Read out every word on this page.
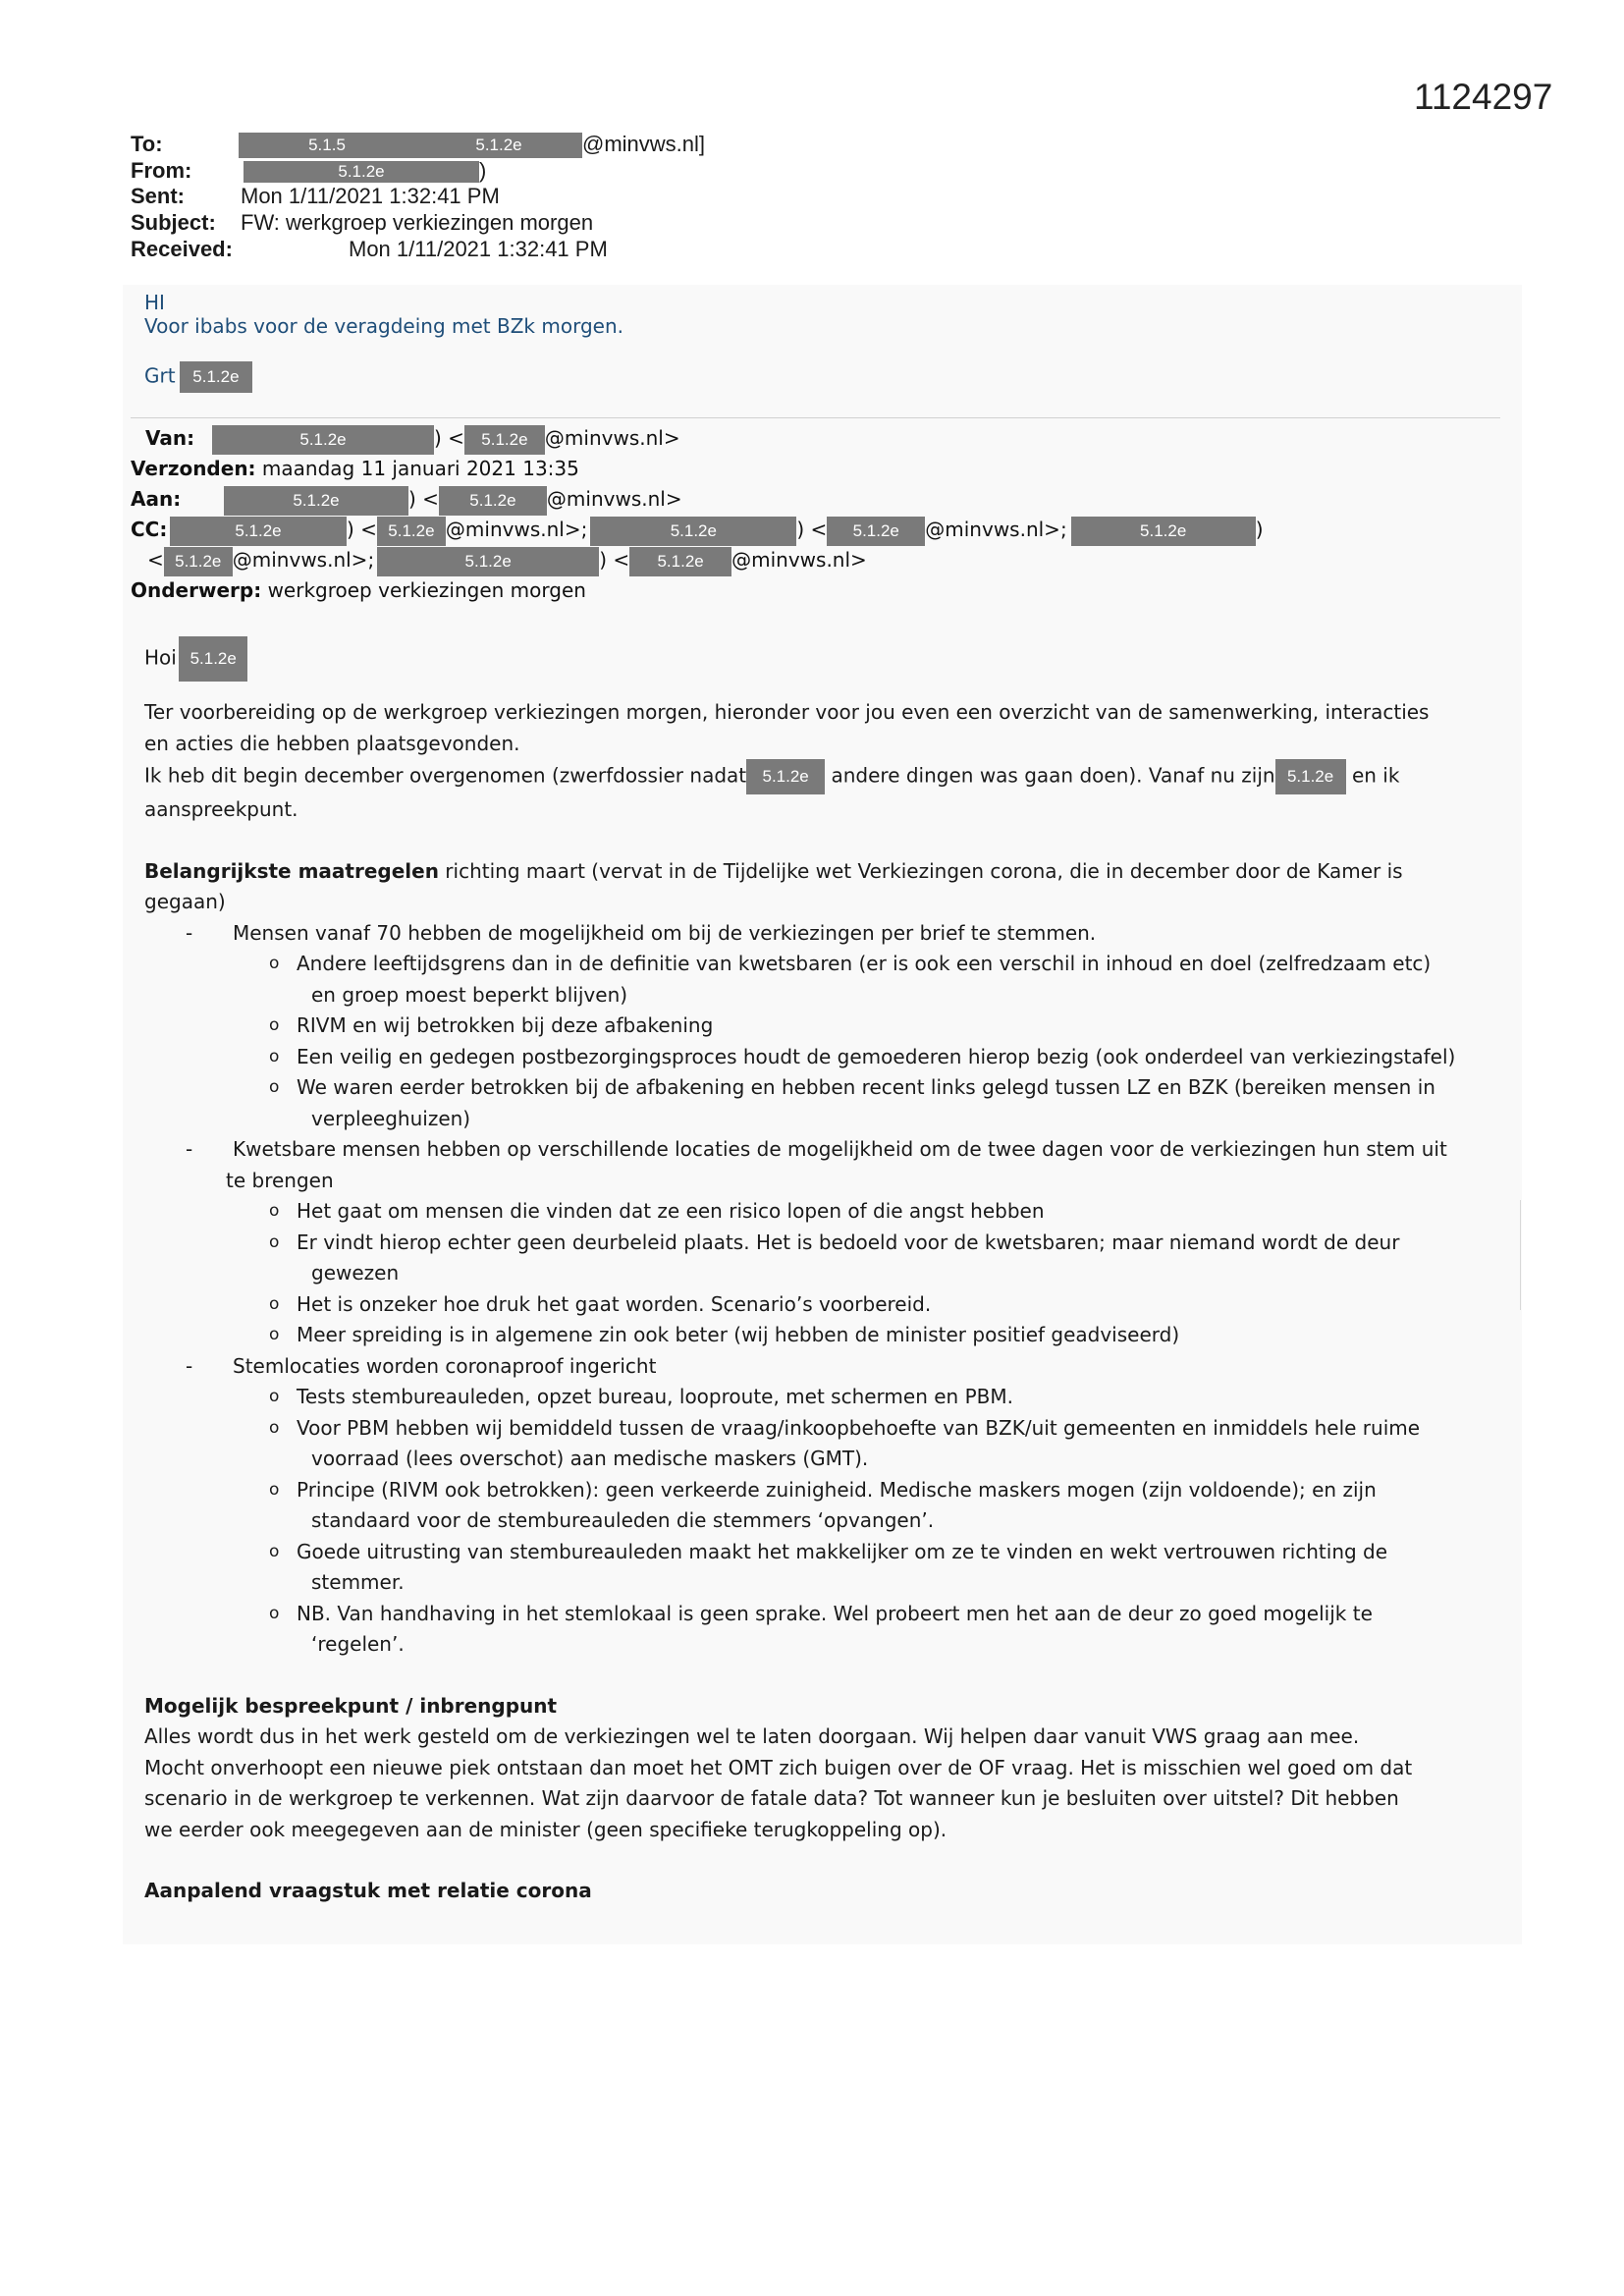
1124297
To:	5.1.5	5.1.2e	@minvws.nl]
From:	5.1.2e	)
Sent:	Mon 1/11/2021 1:32:41 PM
Subject: FW: werkgroep verkiezingen morgen
Received:	Mon 1/11/2021 1:32:41 PM
HI
Voor ibabs voor de veragdeing met BZk morgen.
Grt 5.1.2e
Van:	5.1.2e	) < 5.1.2e @minvws.nl>
Verzonden: maandag 11 januari 2021 13:35
Aan:	5.1.2e	) < 5.1.2e @minvws.nl>
CC:	5.1.2e	) < 5.1.2e @minvws.nl>;	5.1.2e	) < 5.1.2e @minvws.nl>;	5.1.2e	)
< 5.1.2e @minvws.nl>;	5.1.2e	) < 5.1.2e @minvws.nl>
Onderwerp: werkgroep verkiezingen morgen
Hoi 5.1.2e

Ter voorbereiding op de werkgroep verkiezingen morgen, hieronder voor jou even een overzicht van de samenwerking, interacties

en acties die hebben plaatsgevonden.

Ik heb dit begin december overgenomen (zwerfdossier nadat 5.1.2e andere dingen was gaan doen). Vanaf nu zijn 5.1.2e en ik

aanspreekpunt.

Belangrijkste maatregelen richting maart (vervat in de Tijdelijke wet Verkiezingen corona, die in december door de Kamer is

gegaan)

- Mensen vanaf 70 hebben de mogelijkheid om bij de verkiezingen per brief te stemmen.

o Andere leeftijdsgrens dan in de definitie van kwetsbaren (er is ook een verschil in inhoud en doel (zelfredzaam etc)

en groep moest beperkt blijven)

o RIVM en wij betrokken bij deze afbakening

o Een veilig en gedegen postbezorgingsproces houdt de gemoederen hierop bezig (ook onderdeel van verkiezingstafel)

o We waren eerder betrokken bij de afbakening en hebben recent links gelegd tussen LZ en BZK (bereiken mensen in

verpleeghuizen)

- Kwetsbare mensen hebben op verschillende locaties de mogelijkheid om de twee dagen voor de verkiezingen hun stem uit

te brengen

o Het gaat om mensen die vinden dat ze een risico lopen of die angst hebben

o Er vindt hierop echter geen deurbeleid plaats. Het is bedoeld voor de kwetsbaren; maar niemand wordt de deur

gewezen

o Het is onzeker hoe druk het gaat worden. Scenario’s voorbereid.

o Meer spreiding is in algemene zin ook beter (wij hebben de minister positief geadviseerd)

- Stemlocaties worden coronaproof ingericht

o Tests stembureauleden, opzet bureau, looproute, met schermen en PBM.

o Voor PBM hebben wij bemiddeld tussen de vraag/inkoopbehoefte van BZK/uit gemeenten en inmiddels hele ruime

voorraad (lees overschot) aan medische maskers (GMT).

o Principe (RIVM ook betrokken): geen verkeerde zuinigheid. Medische maskers mogen (zijn voldoende); en zijn

standaard voor de stembureauleden die stemmers ‘opvangen’.

o Goede uitrusting van stembureauleden maakt het makkelijker om ze te vinden en wekt vertrouwen richting de

stemmer.

o NB. Van handhaving in het stemlokaal is geen sprake. Wel probeert men het aan de deur zo goed mogelijk te

‘regelen’.

Mogelijk bespreekpunt / inbrengpunt

Alles wordt dus in het werk gesteld om de verkiezingen wel te laten doorgaan. Wij helpen daar vanuit VWS graag aan mee.

Mocht onverhoopt een nieuwe piek ontstaan dan moet het OMT zich buigen over de OF vraag. Het is misschien wel goed om dat

scenario in de werkgroep te verkennen. Wat zijn daarvoor de fatale data? Tot wanneer kun je besluiten over uitstel? Dit hebben

we eerder ook meegegeven aan de minister (geen specifieke terugkoppeling op).

Aanpalend vraagstuk met relatie corona
